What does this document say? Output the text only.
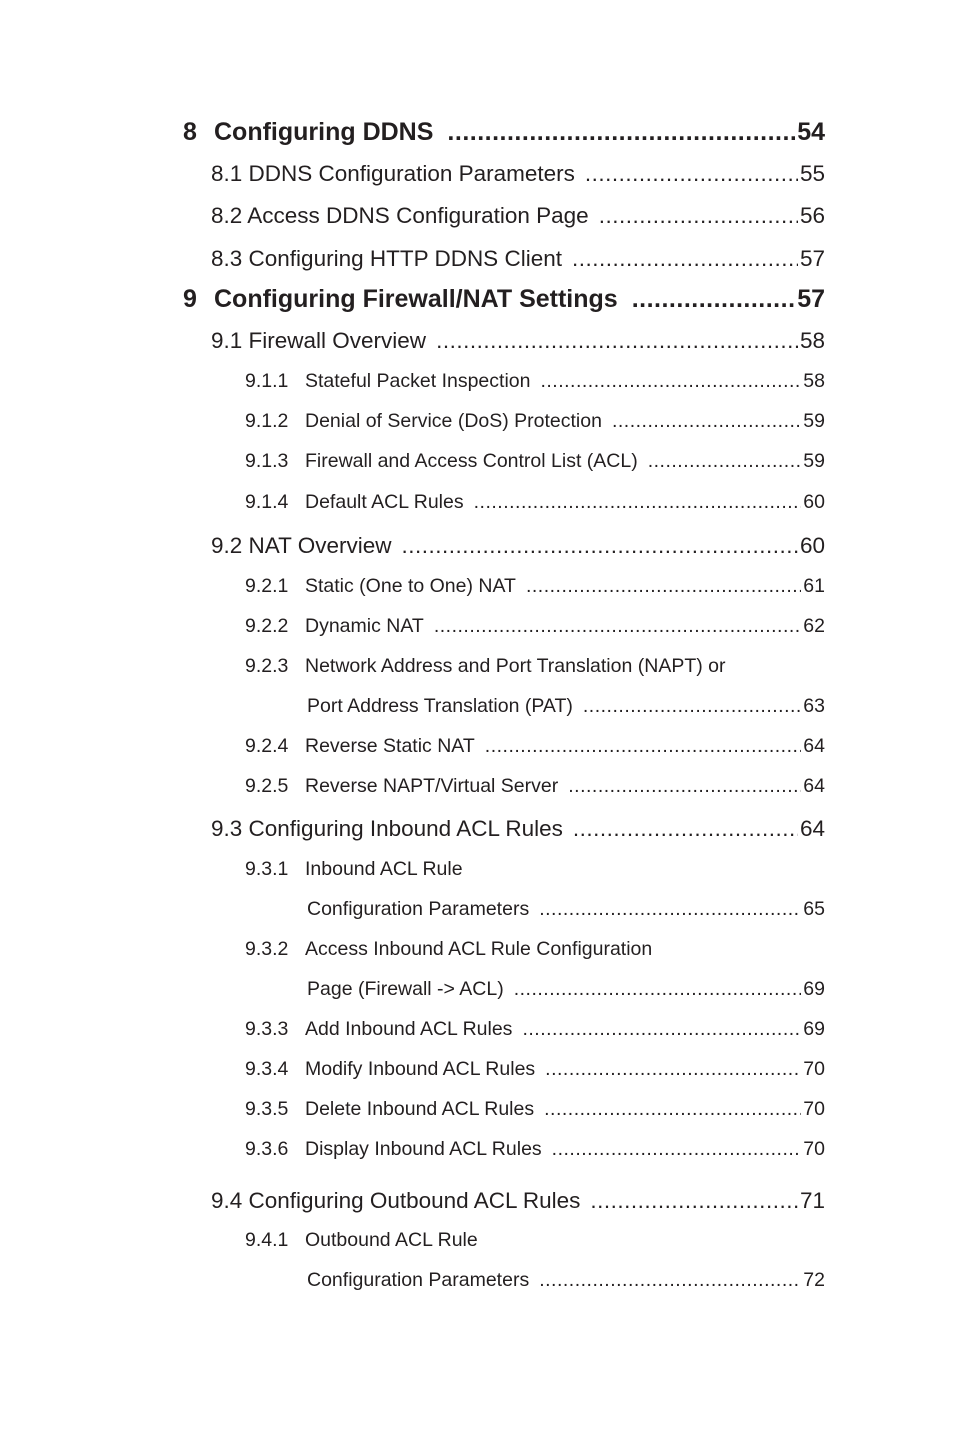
8 Configuring DDNS .....	54
8.1 DDNS Configuration Parameters .....	55
8.2 Access DDNS Configuration Page .....	56
8.3 Configuring HTTP DDNS Client .....	57
9 Configuring Firewall/NAT Settings .....	57
9.1 Firewall Overview .....	58
9.1.1 Stateful Packet Inspection .....	58
9.1.2 Denial of Service (DoS) Protection .....	59
9.1.3 Firewall and Access Control List (ACL) .....	59
9.1.4 Default ACL Rules .....	60
9.2 NAT Overview .....	60
9.2.1 Static (One to One) NAT .....	61
9.2.2 Dynamic NAT .....	62
9.2.3 Network Address and Port Translation (NAPT) or
Port Address Translation (PAT) .....	63
9.2.4 Reverse Static NAT .....	64
9.2.5 Reverse NAPT/Virtual Server .....	64
9.3 Configuring Inbound ACL Rules .....	64
9.3.1 Inbound ACL Rule
Configuration Parameters .....	65
9.3.2 Access Inbound ACL Rule Configuration
Page (Firewall -> ACL) .....	69
9.3.3 Add Inbound ACL Rules .....	69
9.3.4 Modify Inbound ACL Rules .....	70
9.3.5 Delete Inbound ACL Rules .....	70
9.3.6 Display Inbound ACL Rules .....	70
9.4 Configuring Outbound ACL Rules .....	71
9.4.1 Outbound ACL Rule
Configuration Parameters .....	72
